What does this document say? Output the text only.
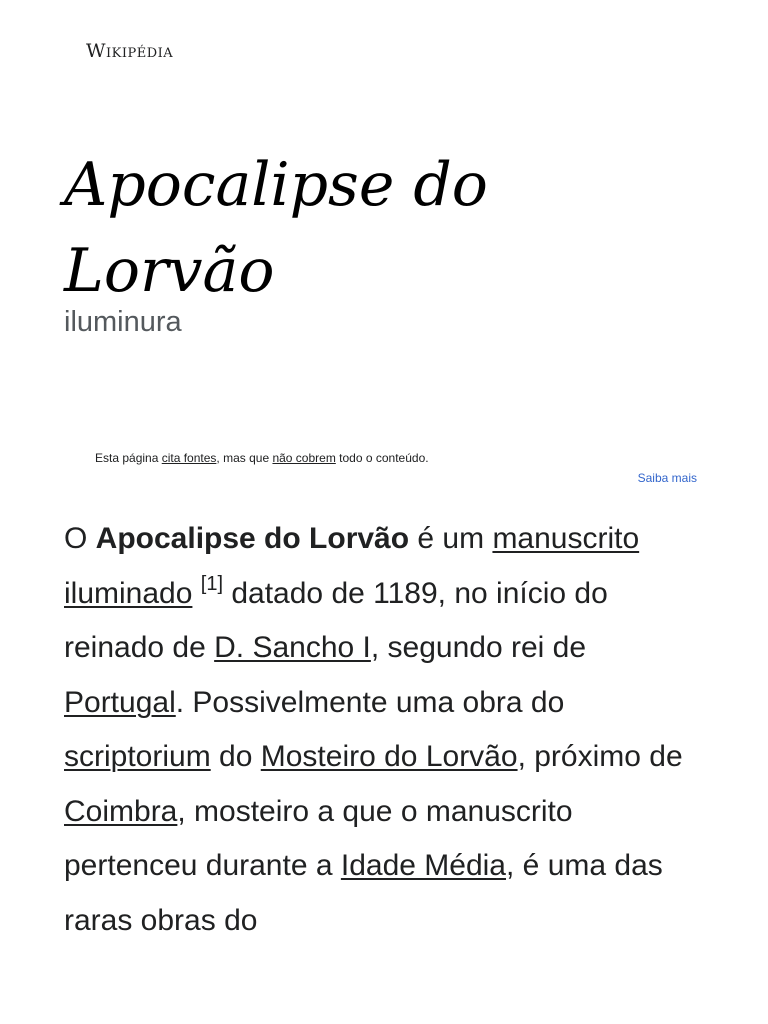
Wikipédia
Apocalipse do
Lorvão
iluminura
Esta página cita fontes, mas que não cobrem todo o conteúdo.
Saiba mais

O Apocalipse do Lorvão é um manuscrito iluminado [1] datado de 1189, no início do reinado de D. Sancho I, segundo rei de Portugal. Possivelmente uma obra do scriptorium do Mosteiro do Lorvão, próximo de Coimbra, mosteiro a que o manuscrito pertenceu durante a Idade Média, é uma das raras obras do
